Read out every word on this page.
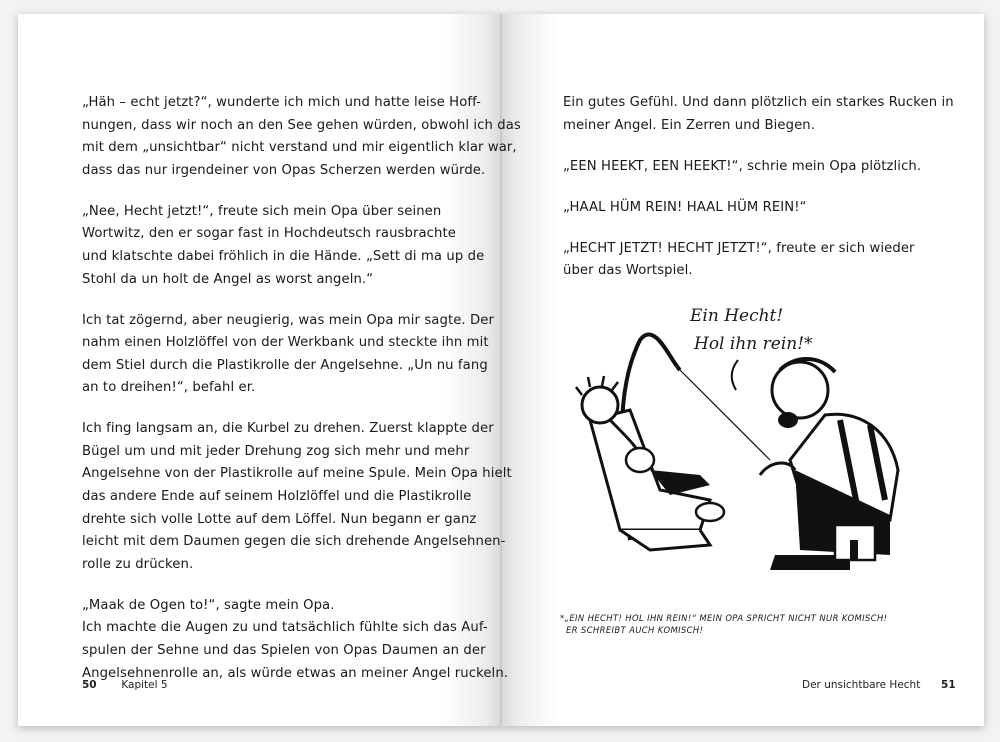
„Häh – echt jetzt?“, wunderte ich mich und hatte leise Hoff-
nungen, dass wir noch an den See gehen würden, obwohl ich das
mit dem „unsichtbar“ nicht verstand und mir eigentlich klar war,
dass das nur irgendeiner von Opas Scherzen werden würde.

„Nee, Hecht jetzt!“, freute sich mein Opa über seinen
Wortwitz, den er sogar fast in Hochdeutsch rausbrachte
und klatschte dabei fröhlich in die Hände. „Sett di ma up de
Stohl da un holt de Angel as worst angeln.“

Ich tat zögernd, aber neugierig, was mein Opa mir sagte. Der
nahm einen Holzlöffel von der Werkbank und steckte ihn mit
dem Stiel durch die Plastikrolle der Angelsehne. „Un nu fang
an to dreihen!“, befahl er.

Ich fing langsam an, die Kurbel zu drehen. Zuerst klappte der
Bügel um und mit jeder Drehung zog sich mehr und mehr
Angelsehne von der Plastikrolle auf meine Spule. Mein Opa hielt
das andere Ende auf seinem Holzlöffel und die Plastikrolle
drehte sich volle Lotte auf dem Löffel. Nun begann er ganz
leicht mit dem Daumen gegen die sich drehende Angelsehnen-
rolle zu drücken.

„Maak de Ogen to!“, sagte mein Opa.
Ich machte die Augen zu und tatsächlich fühlte sich das Auf-
spulen der Sehne und das Spielen von Opas Daumen an der
Angelsehnenrolle an, als würde etwas an meiner Angel ruckeln.

50 Kapitel 5

Ein gutes Gefühl. Und dann plötzlich ein starkes Rucken in
meiner Angel. Ein Zerren und Biegen.

„EEN HEEKT, EEN HEEKT!“, schrie mein Opa plötzlich.

„HAAL HÜM REIN! HAAL HÜM REIN!“

„HECHT JETZT! HECHT JETZT!“, freute er sich wieder
über das Wortspiel.

Ein Hecht!
Hol ihn rein!*
*„EIN HECHT! HOL IHN REIN!“ MEIN OPA SPRICHT NICHT NUR KOMISCH!
ER SCHREIBT AUCH KOMISCH!
Der unsichtbare Hecht 51
